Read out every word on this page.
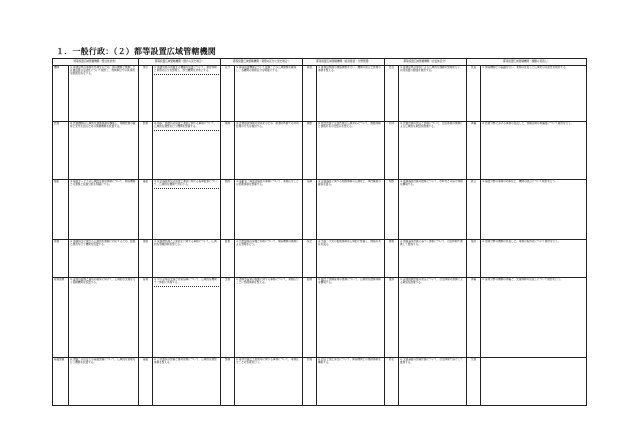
１．一般行政：（２）都等設置広域管轄機関
特等設置広域管轄機関（整合性対象）		都等設置広域管轄機関（国から見た場合）		都等設置広域管轄機関（業務の区分に見た場合）		都等設置広域管轄機関（経営統括・分野管理）		都等設置広域管轄機関（自治体区分）		都等設置広域管轄機関（課題の見直し）	
機関	① 都道府県の事務を処理するため、国の機関と連携した区域設置の可能性について検討し、地域単位での具体的な範囲を設定する。	現行	① 国道府県の管轄する機関の設置について、運営体制と業務の区分を整理し、該当機関を対象とする。	区分	① 都等設置機関について地域ごとの広域連携を確保し、各機関の業務区分を明確にする。	統括	① 都道府県間の連絡調整を行い、機関の統合と管理の体制を整える。	自治	① 都道府県の単位による広域的な課題の整理を行い、共同設置の範囲を検討する。	見直	① 関係機関との協議を行い、業務の見直しと広域化の可能性を検討する。
医療	② 医療機関の広域的な連携体制を構築し、地域医療の確保と充実を図るための管轄機関を設置する。	医療	② 病院・診療所の設置と運営に関する事務について、広域的な調整を行う機関を整備する。	連携	② 医療提供体制の効率化のため、都道府県間での共同処理の方式を検討する。	調整	② 救急医療と災害医療の広域対応について、連絡体制と情報共有の仕組みを整える。	共同	② 医療計画の策定と評価について、自治体間の連携による広域的な取組を推進する。	再編	② 医療分野における事務の見直しと、管轄区域の再編成について検討を行う。
福祉	③ 福祉サービスの広域的な提供体制について、関係機関との連携と役割分担を明確にする。	福祉	③ 社会福祉施設の設置と運営に関する指導監督について、広域的な機関で対応する。	施設	③ 高齢者・障害者福祉の事務について、業務区分ごとの処理体制を整備する。	指導	③ 児童福祉に関する相談体制の広域化と、専門職員の確保を図る。	相談	③ 地域福祉計画の推進について、市町村との協力体制を構築する。	統合	③ 福祉分野の事務の効率化と、機関の統合について検討を行う。
環境	④ 環境保全に関する広域的な課題に対応するため、監視と調査を行う機関を設置する。	環境	④ 廃棄物処理と公害防止に関する事務について、広域的な管轄体制を整える。	監視	④ 自然環境の保護と利用について、関係機関の連携による管理を行う。	保全	④ 水質・大気の監視体制を広域的に整備し、情報の共有を図る。	調査	④ 環境基本計画に基づく施策について、自治体間で連携して推進する。	集約	④ 環境分野の機関の見直しと、業務の集約化について検討を行う。
産業振興	⑤ 産業の振興と雇用の確保に向けて、広域的な支援を行う管轄機関を設置する。	産業	⑤ 中小企業の支援と技術指導について、広域的な機関で一体的に実施する。	支援	⑤ 農林水産業の振興に関する事務について、業務区分ごとに処理体制を整える。	振興	⑤ 観光と地域産業の連携について、広域的な推進体制を構築する。	推進	⑤ 産業振興計画の策定について、自治体間の連携による取組を推進する。	再編	⑤ 産業分野の機関の再編と、支援体制の見直しについて検討を行う。
基盤整備	⑥ 道路・河川などの基盤整備について、広域的な管理を行う機関を設置する。	基盤	⑥ 公共施設の整備と維持管理について、広域的な調整体制を整える。	整備	⑥ 都市計画と土地利用に関する事務について、業務区分ごとの処理を行う。	計画	⑥ 防災と国土保全について、関係機関との連携体制を構築する。	防災	⑥ 交通基盤の整備計画について、自治体間で協力して推進する。	交通	
